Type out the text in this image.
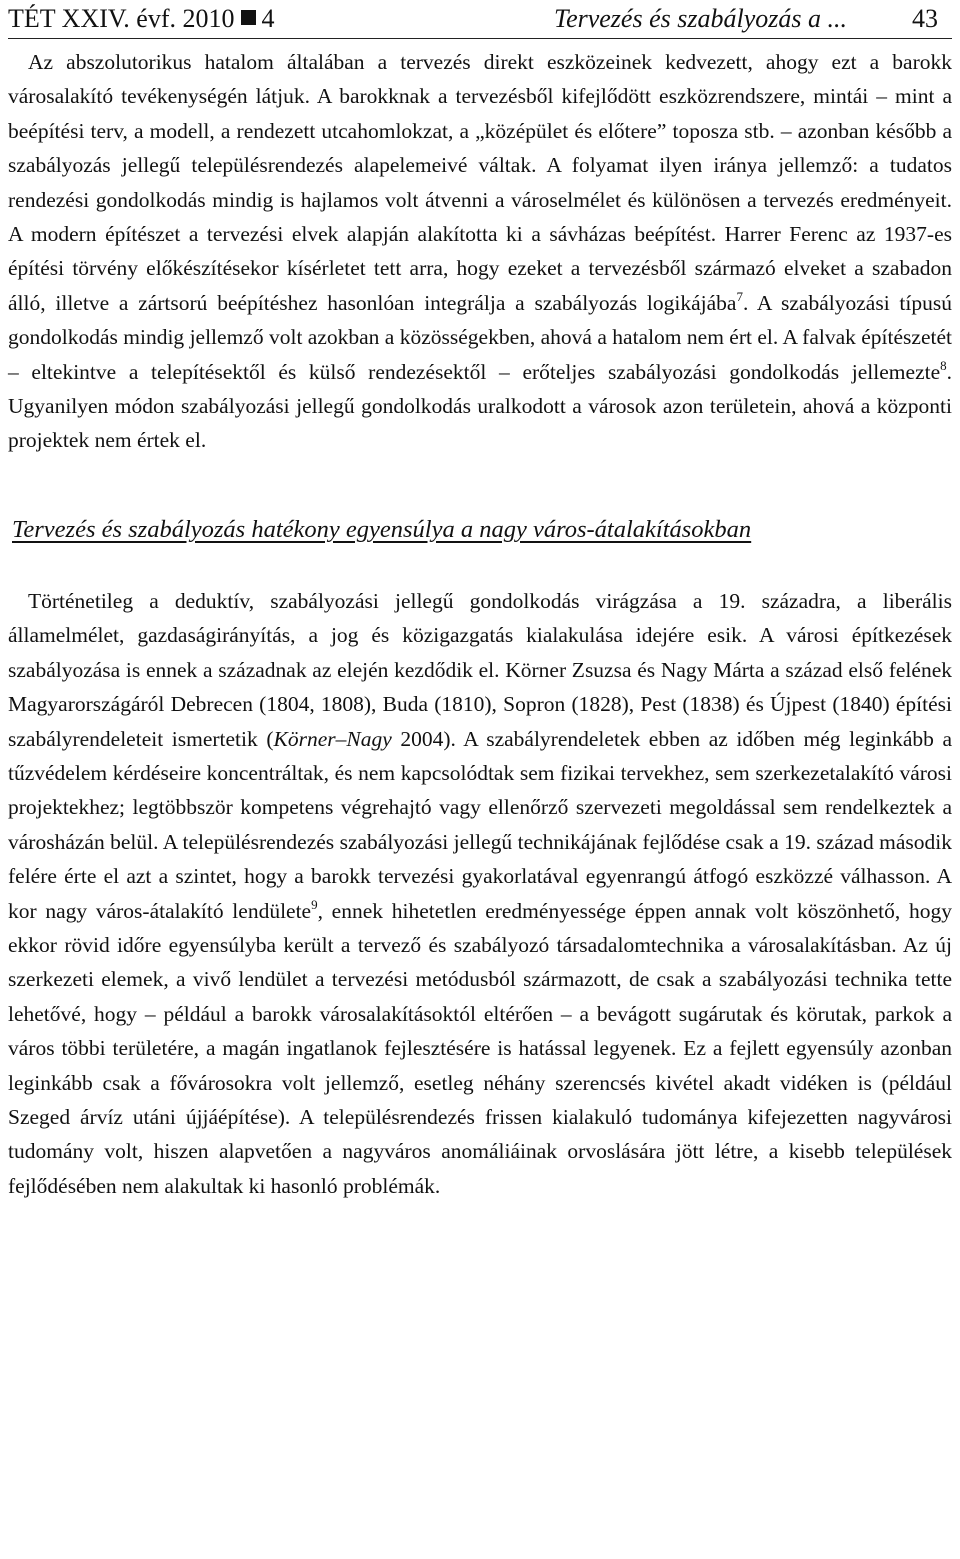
TÉT XXIV. évf. 2010 4	Tervezés és szabályozás a ...	43

Az abszolutorikus hatalom általában a tervezés direkt eszközeinek kedvezett, ahogy ezt a barokk városalakító tevékenységén látjuk. A barokknak a tervezésből kifejlődött eszközrendszere, mintái – mint a beépítési terv, a modell, a rendezett utcahomlokzat, a „középület és előtere” toposza stb. – azonban később a szabályozás jellegű településrendezés alapelemeivé váltak. A folyamat ilyen iránya jellemző: a tudatos rendezési gondolkodás mindig is hajlamos volt átvenni a városelmélet és különösen a tervezés eredményeit. A modern építészet a tervezési elvek alapján alakította ki a sávházas beépítést. Harrer Ferenc az 1937-es építési törvény előkészítésekor kísérletet tett arra, hogy ezeket a tervezésből származó elveket a szabadon álló, illetve a zártsorú beépítéshez hasonlóan integrálja a szabályozás logikájába$^7$. A szabályozási típusú gondolkodás mindig jellemző volt azokban a közösségekben, ahová a hatalom nem ért el. A falvak építészetét – eltekintve a telepítésektől és külső rendezésektől – erőteljes szabályozási gondolkodás jellemezte$^8$. Ugyanilyen módon szabályozási jellegű gondolkodás uralkodott a városok azon területein, ahová a központi projektek nem értek el.

Tervezés és szabályozás hatékony egyensúlya a nagy város-átalakításokban

Történetileg a deduktív, szabályozási jellegű gondolkodás virágzása a 19. századra, a liberális államelmélet, gazdaságirányítás, a jog és közigazgatás kialakulása idejére esik. A városi építkezések szabályozása is ennek a századnak az elején kezdődik el. Körner Zsuzsa és Nagy Márta a század első felének Magyarországáról Debrecen (1804, 1808), Buda (1810), Sopron (1828), Pest (1838) és Újpest (1840) építési szabályrendeleteit ismertetik (Körner–Nagy 2004). A szabályrendeletek ebben az időben még leginkább a tűzvédelem kérdéseire koncentráltak, és nem kapcsolódtak sem fizikai tervekhez, sem szerkezetalakító városi projektekhez; legtöbbször kompetens végrehajtó vagy ellenőrző szervezeti megoldással sem rendelkeztek a városházán belül. A településrendezés szabályozási jellegű technikájának fejlődése csak a 19. század második felére érte el azt a szintet, hogy a barokk tervezési gyakorlatával egyenrangú átfogó eszközzé válhasson. A kor nagy város-átalakító lendülete$^9$, ennek hihetetlen eredményessége éppen annak volt köszönhető, hogy ekkor rövid időre egyensúlyba került a tervező és szabályozó társadalomtechnika a városalakításban. Az új szerkezeti elemek, a vivő lendület a tervezési metódusból származott, de csak a szabályozási technika tette lehetővé, hogy – például a barokk városalakításoktól eltérően – a bevágott sugárutak és körutak, parkok a város többi területére, a magán ingatlanok fejlesztésére is hatással legyenek. Ez a fejlett egyensúly azonban leginkább csak a fővárosokra volt jellemző, esetleg néhány szerencsés kivétel akadt vidéken is (például Szeged árvíz utáni újjáépítése). A településrendezés frissen kialakuló tudománya kifejezetten nagyvárosi tudomány volt, hiszen alapvetően a nagyváros anomáliáinak orvoslására jött létre, a kisebb települések fejlődésében nem alakultak ki hasonló problémák.
